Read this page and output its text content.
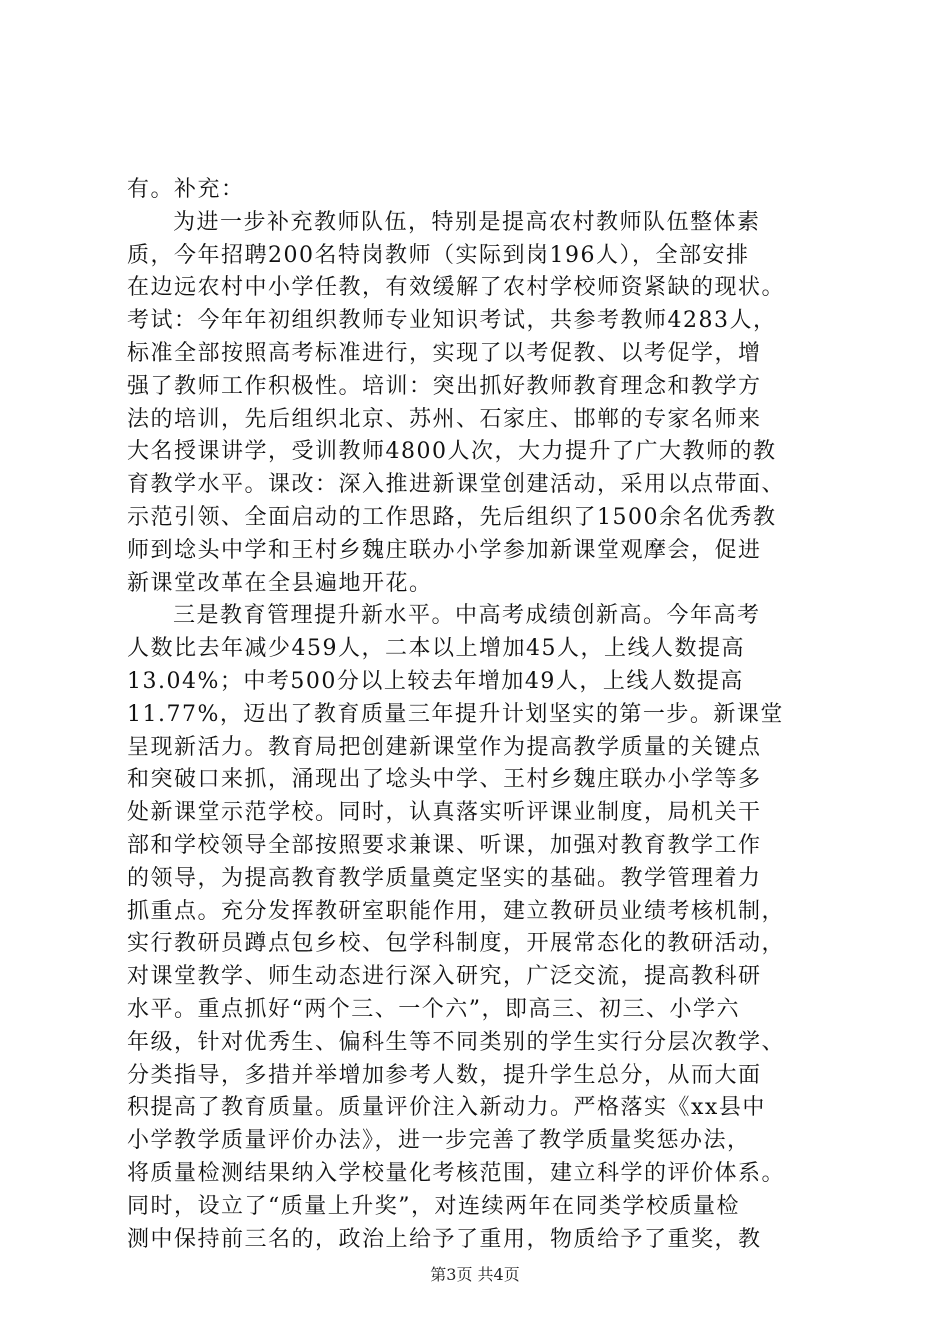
有。补充：
为进一步补充教师队伍，特别是提高农村教师队伍整体素
质，今年招聘200名特岗教师（实际到岗196人），全部安排
在边远农村中小学任教，有效缓解了农村学校师资紧缺的现状。
考试：今年年初组织教师专业知识考试，共参考教师4283人，
标准全部按照高考标准进行，实现了以考促教、以考促学，增
强了教师工作积极性。培训：突出抓好教师教育理念和教学方
法的培训，先后组织北京、苏州、石家庄、邯郸的专家名师来
大名授课讲学，受训教师4800人次，大力提升了广大教师的教
育教学水平。课改：深入推进新课堂创建活动，采用以点带面、
示范引领、全面启动的工作思路，先后组织了1500余名优秀教
师到埝头中学和王村乡魏庄联办小学参加新课堂观摩会，促进
新课堂改革在全县遍地开花。
三是教育管理提升新水平。中高考成绩创新高。今年高考
人数比去年减少459人，二本以上增加45人，上线人数提高
13.04%；中考500分以上较去年增加49人，上线人数提高
11.77%，迈出了教育质量三年提升计划坚实的第一步。新课堂
呈现新活力。教育局把创建新课堂作为提高教学质量的关键点
和突破口来抓，涌现出了埝头中学、王村乡魏庄联办小学等多
处新课堂示范学校。同时，认真落实听评课业制度，局机关干
部和学校领导全部按照要求兼课、听课，加强对教育教学工作
的领导，为提高教育教学质量奠定坚实的基础。教学管理着力
抓重点。充分发挥教研室职能作用，建立教研员业绩考核机制，
实行教研员蹲点包乡校、包学科制度，开展常态化的教研活动，
对课堂教学、师生动态进行深入研究，广泛交流，提高教科研
水平。重点抓好“两个三、一个六”，即高三、初三、小学六
年级，针对优秀生、偏科生等不同类别的学生实行分层次教学、
分类指导，多措并举增加参考人数，提升学生总分，从而大面
积提高了教育质量。质量评价注入新动力。严格落实《xx县中
小学教学质量评价办法》，进一步完善了教学质量奖惩办法，
将质量检测结果纳入学校量化考核范围，建立科学的评价体系。
同时，设立了“质量上升奖”，对连续两年在同类学校质量检
测中保持前三名的，政治上给予了重用，物质给予了重奖，教
第3页 共4页
